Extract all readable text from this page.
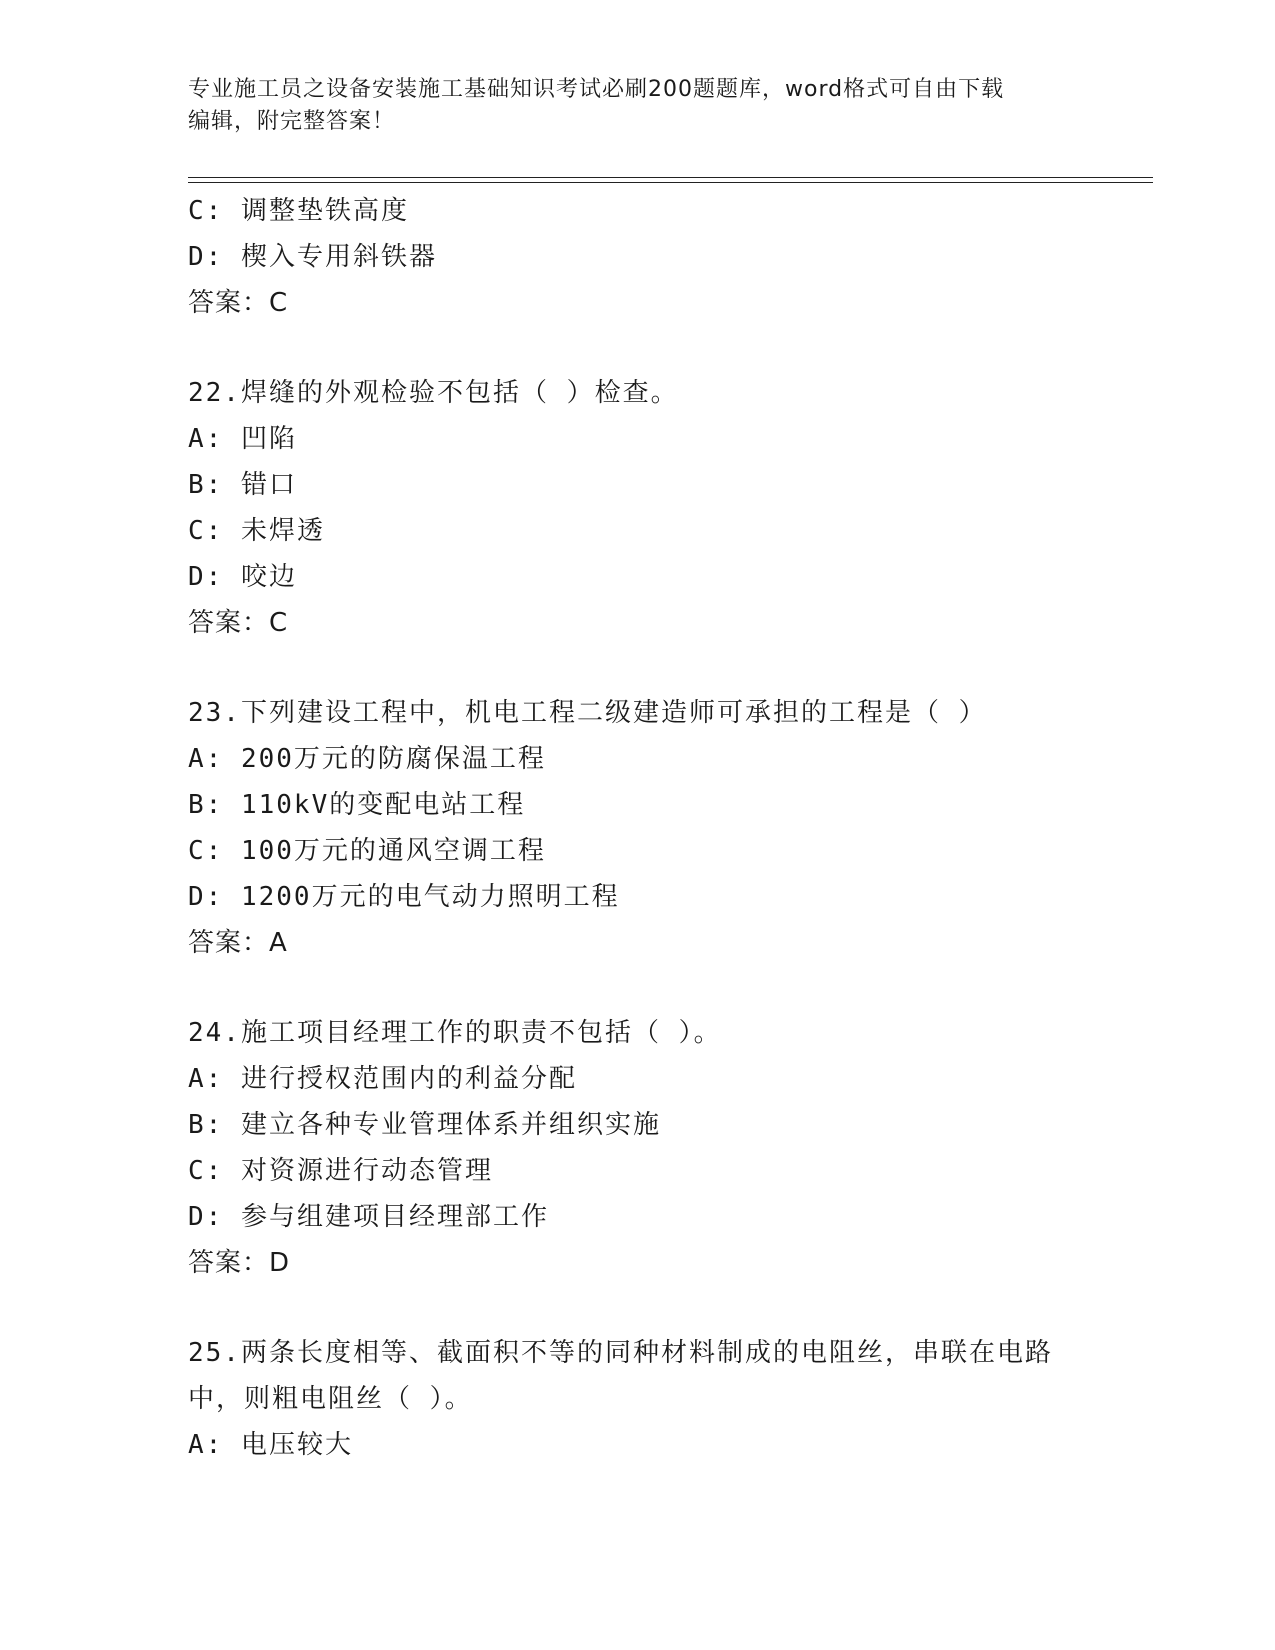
专业施工员之设备安装施工基础知识考试必刷200题题库，word格式可自由下载
编辑，附完整答案！
C: 调整垫铁高度
D: 楔入专用斜铁器
答案：C
22.焊缝的外观检验不包括（ ）检查。
A: 凹陷
B: 错口
C: 未焊透
D: 咬边
答案：C
23.下列建设工程中，机电工程二级建造师可承担的工程是（ ）
A: 200万元的防腐保温工程
B: 110kV的变配电站工程
C: 100万元的通风空调工程
D: 1200万元的电气动力照明工程
答案：A
24.施工项目经理工作的职责不包括（ ）。
A: 进行授权范围内的利益分配
B: 建立各种专业管理体系并组织实施
C: 对资源进行动态管理
D: 参与组建项目经理部工作
答案：D
25.两条长度相等、截面积不等的同种材料制成的电阻丝，串联在电路
中，则粗电阻丝（ ）。
A: 电压较大
